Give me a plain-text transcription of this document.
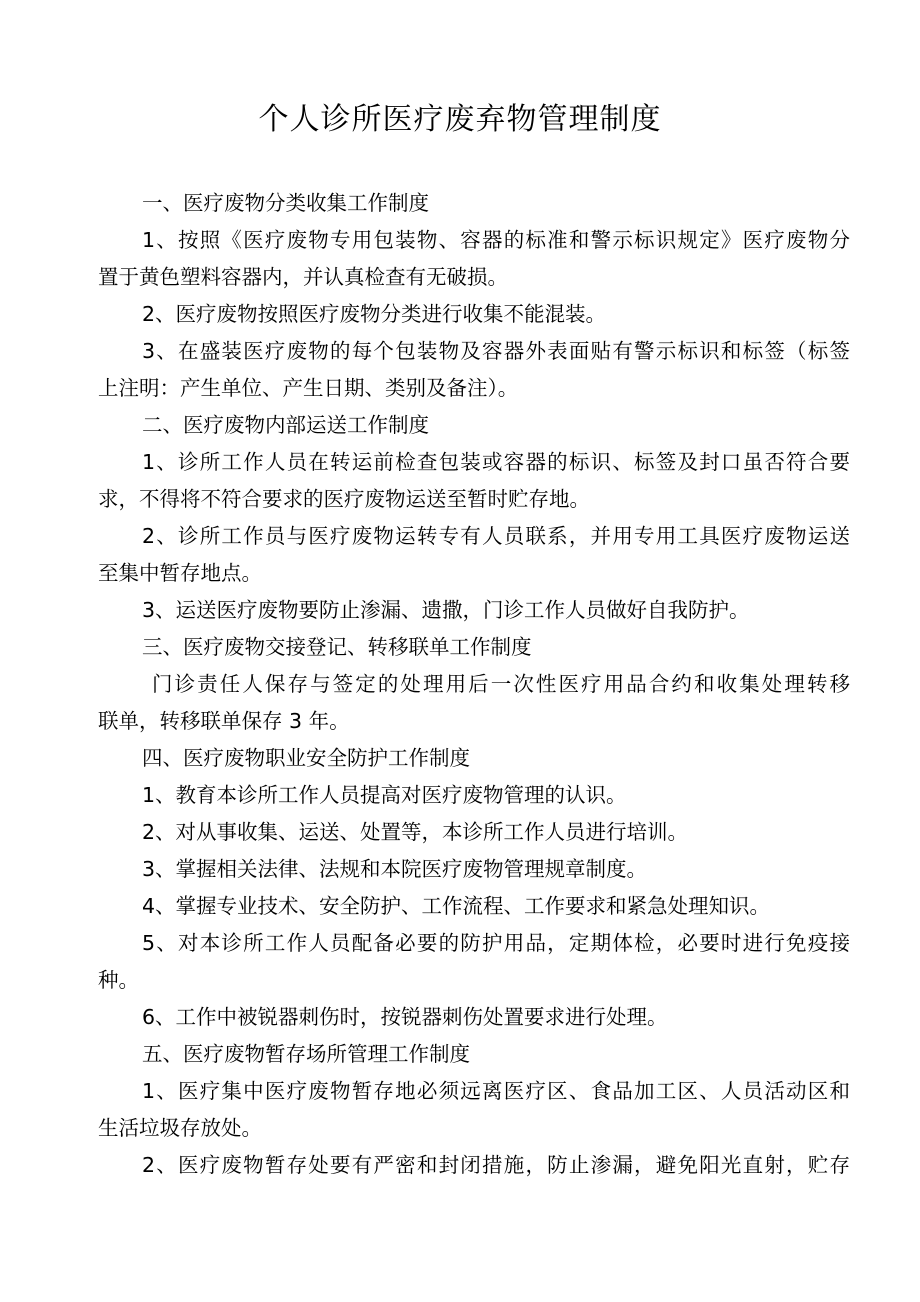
个人诊所医疗废弃物管理制度
一、医疗废物分类收集工作制度
1、按照《医疗废物专用包装物、容器的标准和警示标识规定》医疗废物分
置于黄色塑料容器内，并认真检查有无破损。
2、医疗废物按照医疗废物分类进行收集不能混装。
3、在盛装医疗废物的每个包装物及容器外表面贴有警示标识和标签（标签
上注明：产生单位、产生日期、类别及备注）。
二、医疗废物内部运送工作制度
1、诊所工作人员在转运前检查包装或容器的标识、标签及封口虽否符合要
求，不得将不符合要求的医疗废物运送至暂时贮存地。
2、诊所工作员与医疗废物运转专有人员联系，并用专用工具医疗废物运送
至集中暂存地点。
3、运送医疗废物要防止渗漏、遗撒，门诊工作人员做好自我防护。
三、医疗废物交接登记、转移联单工作制度
门诊责任人保存与签定的处理用后一次性医疗用品合约和收集处理转移
联单，转移联单保存 3 年。
四、医疗废物职业安全防护工作制度
1、教育本诊所工作人员提高对医疗废物管理的认识。
2、对从事收集、运送、处置等，本诊所工作人员进行培训。
3、掌握相关法律、法规和本院医疗废物管理规章制度。
4、掌握专业技术、安全防护、工作流程、工作要求和紧急处理知识。
5、对本诊所工作人员配备必要的防护用品，定期体检，必要时进行免疫接
种。
6、工作中被锐器刺伤时，按锐器刺伤处置要求进行处理。
五、医疗废物暂存场所管理工作制度
1、医疗集中医疗废物暂存地必须远离医疗区、食品加工区、人员活动区和
生活垃圾存放处。
2、医疗废物暂存处要有严密和封闭措施，防止渗漏，避免阳光直射，贮存
